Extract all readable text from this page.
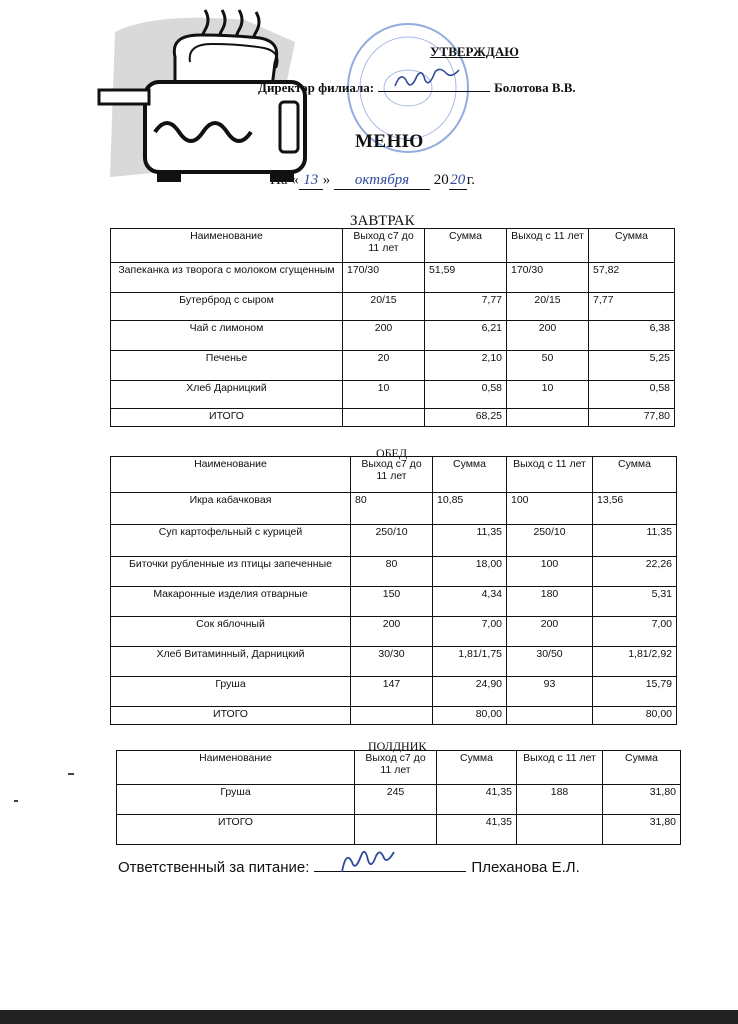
УТВЕРЖДАЮ
Директор филиала:	Болотова В.В.
МЕНЮ
На « 13 » октября 20 20 г.
ЗАВТРАК
Наименование	Выход с7 до 11 лет	Сумма	Выход с 11 лет	Сумма
Запеканка из творога с молоком сгущенным	170/30	51,59	170/30	57,82
Бутерброд с сыром	20/15	7,77	20/15	7,77
Чай с лимоном	200	6,21	200	6,38
Печенье	20	2,10	50	5,25
Хлеб Дарницкий	10	0,58	10	0,58
ИТОГО		68,25		77,80
ОБЕД
Наименование	Выход с7 до 11 лет	Сумма	Выход с 11 лет	Сумма
Икра кабачковая	80	10,85	100	13,56
Суп картофельный с курицей	250/10	11,35	250/10	11,35
Биточки рубленные из птицы запеченные	80	18,00	100	22,26
Макаронные изделия отварные	150	4,34	180	5,31
Сок яблочный	200	7,00	200	7,00
Хлеб Витаминный, Дарницкий	30/30	1,81/1,75	30/50	1,81/2,92
Груша	147	24,90	93	15,79
ИТОГО		80,00		80,00
ПОЛДНИК
Наименование	Выход с7 до 11 лет	Сумма	Выход с 11 лет	Сумма
Груша	245	41,35	188	31,80
ИТОГО		41,35		31,80
Ответственный за питание:	Плеханова Е.Л.
